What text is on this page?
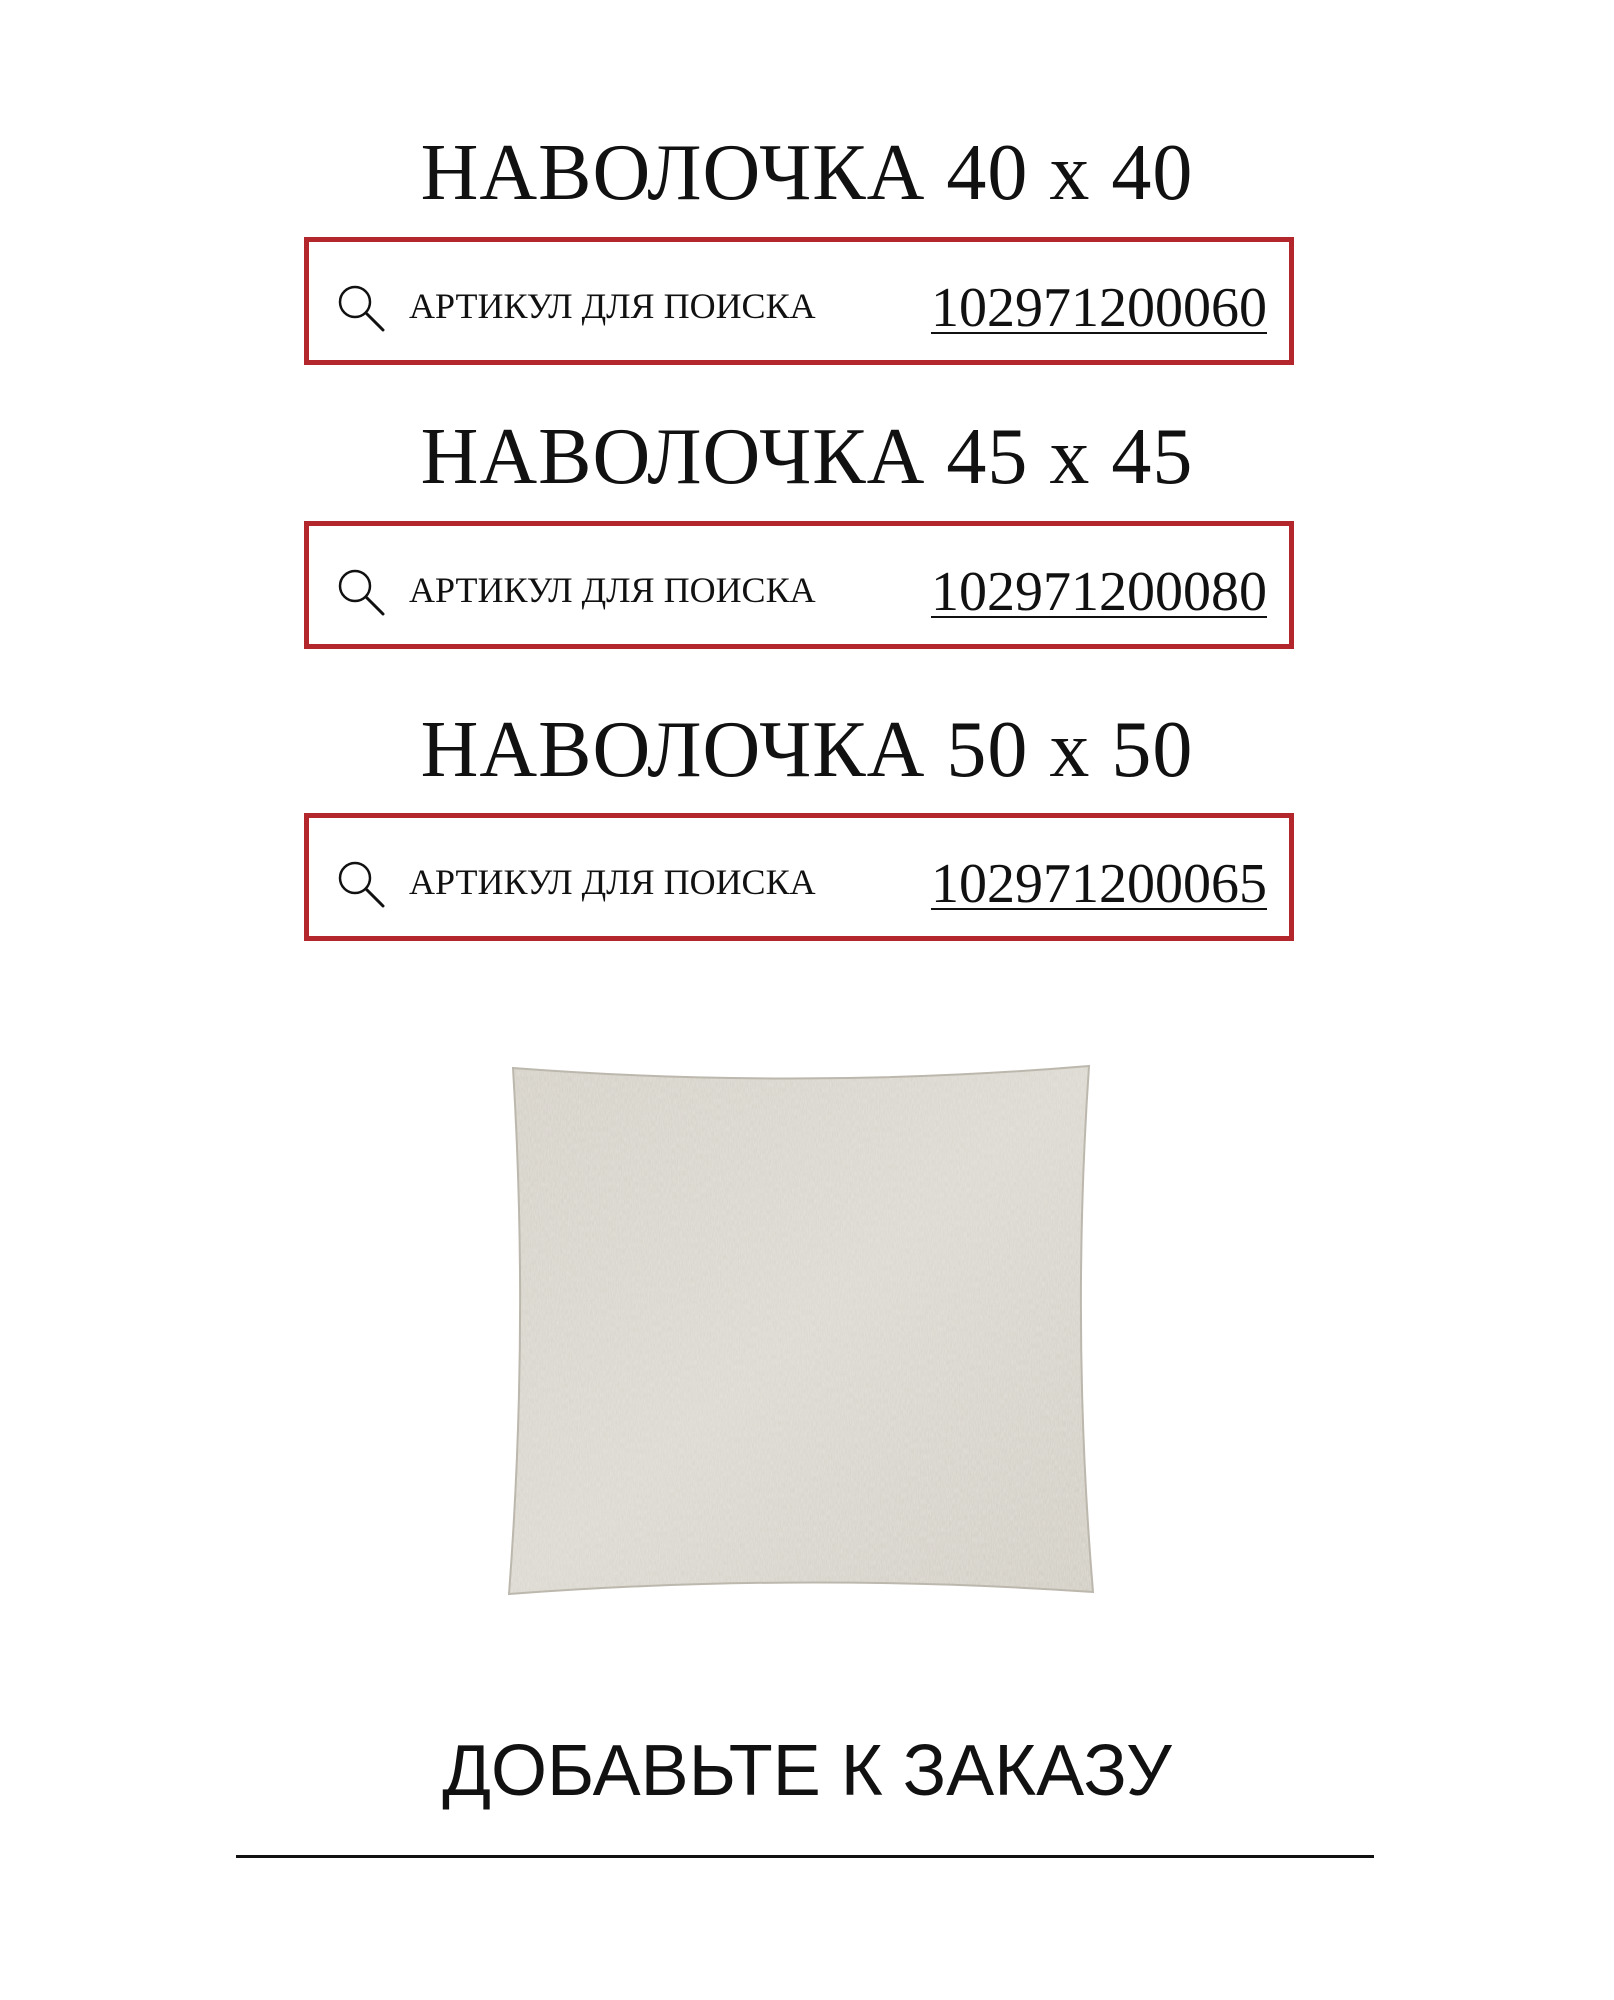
НАВОЛОЧКА 40 x 40
АРТИКУЛ ДЛЯ ПОИСКА 102971200060
НАВОЛОЧКА 45 x 45
АРТИКУЛ ДЛЯ ПОИСКА 102971200080
НАВОЛОЧКА 50 x 50
АРТИКУЛ ДЛЯ ПОИСКА 102971200065
ДОБАВЬТЕ К ЗАКАЗУ
